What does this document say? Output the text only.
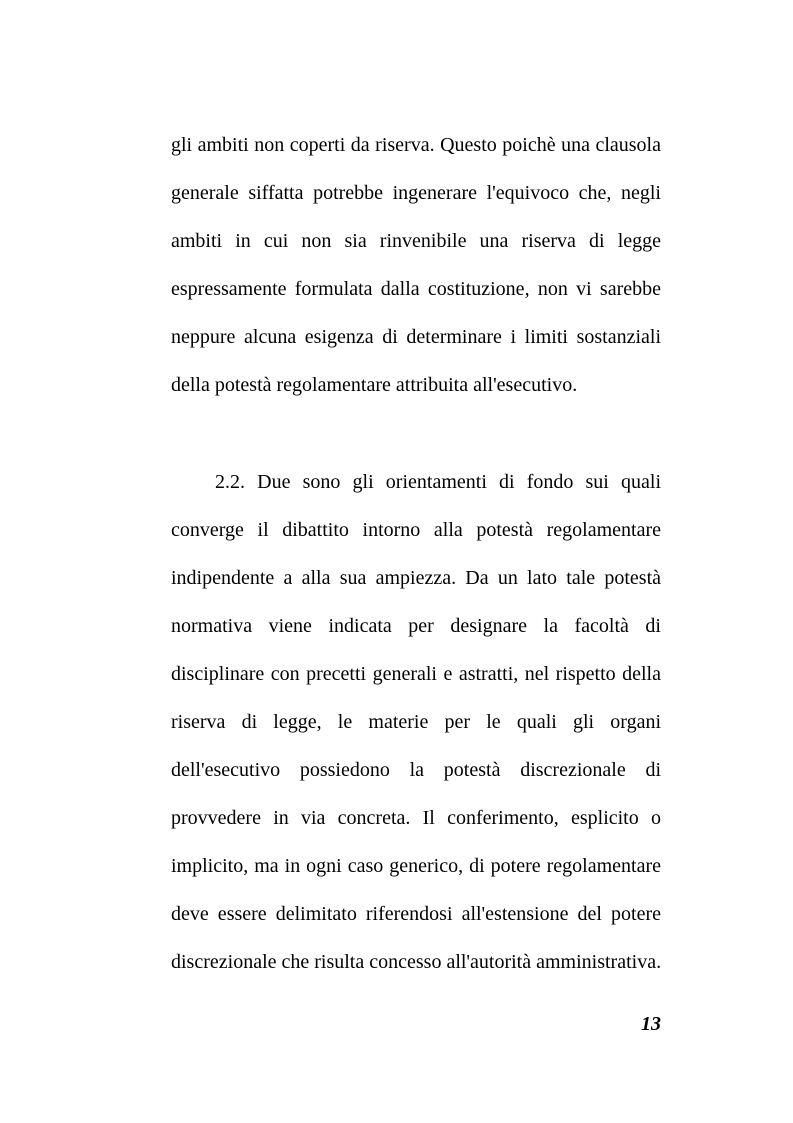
gli ambiti non coperti da riserva. Questo poichè una clausola
generale siffatta potrebbe ingenerare l'equivoco che, negli
ambiti in cui non sia rinvenibile una riserva di legge
espressamente formulata dalla costituzione, non vi sarebbe
neppure alcuna esigenza di determinare i limiti sostanziali
della potestà regolamentare attribuita all'esecutivo.
2.2. Due sono gli orientamenti di fondo sui quali
converge il dibattito intorno alla potestà regolamentare
indipendente a alla sua ampiezza. Da un lato tale potestà
normativa viene indicata per designare la facoltà di
disciplinare con precetti generali e astratti, nel rispetto della
riserva di legge, le materie per le quali gli organi
dell'esecutivo possiedono la potestà discrezionale di
provvedere in via concreta. Il conferimento, esplicito o
implicito, ma in ogni caso generico, di potere regolamentare
deve essere delimitato riferendosi all'estensione del potere
discrezionale che risulta concesso all'autorità amministrativa.
13
